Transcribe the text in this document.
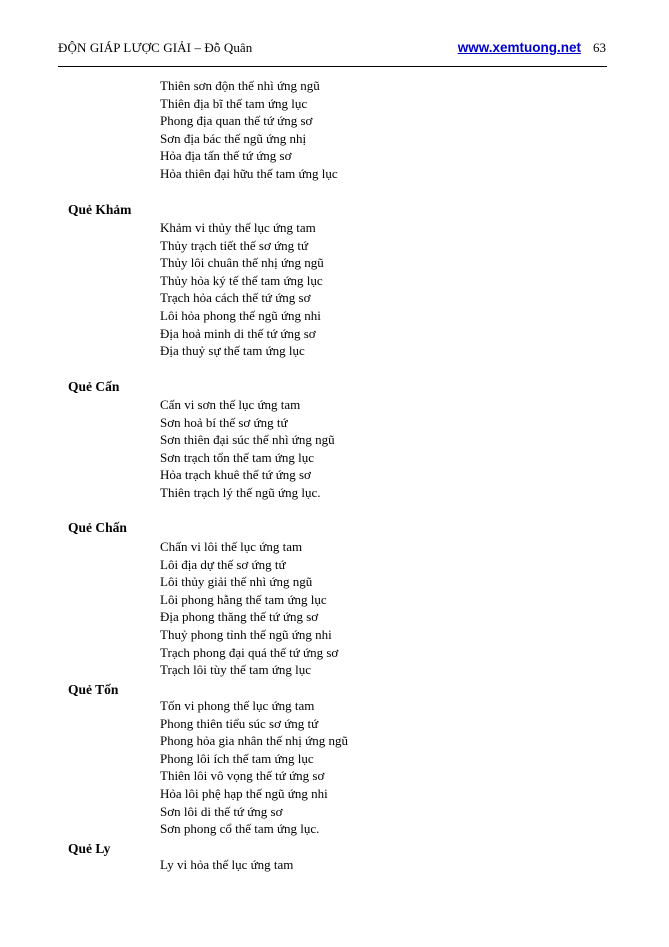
ĐỘN GIÁP LƯỢC GIẢI – Đỗ Quân	www.xemtuong.net 63
Thiên sơn độn thế nhì ứng ngũ
Thiên địa bĩ thế tam ứng lục
Phong địa quan thế tứ ứng sơ
Sơn địa bác thế ngũ ứng nhị
Hỏa địa tấn thế tứ ứng sơ
Hỏa thiên đại hữu thế tam ứng lục
Quẻ Khảm
Khảm vi thủy thế lục ứng tam
Thủy trạch tiết thế sơ ứng tứ
Thủy lôi chuân thế nhị ứng ngũ
Thủy hỏa ký tế thế tam ứng lục
Trạch hỏa cách thế tứ ứng sơ
Lôi hỏa phong thế ngũ ứng nhi
Địa hoả minh di thế tứ ứng sơ
Địa thuỷ sự thế tam ứng lục
Quẻ Cấn
Cấn vi sơn thế lục ứng tam
Sơn hoả bí thế sơ ứng tứ
Sơn thiên đại súc thế nhì ứng ngũ
Sơn trạch tổn thế tam ứng lục
Hỏa trạch khuê thế tứ ứng sơ
Thiên trạch lý thế ngũ ứng lục.
Quẻ Chấn
Chấn vi lôi thế lục ứng tam
Lôi địa dự thế sơ ứng tứ
Lôi thủy giải thế nhì ứng ngũ
Lôi phong hằng thế tam ứng lục
Địa phong thăng thế tứ ứng sơ
Thuỷ phong tỉnh thế ngũ ứng nhi
Trạch phong đại quá thế tứ ứng sơ
Trạch lôi tùy thế tam ứng lục
Quẻ Tốn
Tốn vi phong thế lục ứng tam
Phong thiên tiểu súc sơ ứng tứ
Phong hỏa gia nhân thế nhị ứng ngũ
Phong lôi ích thế tam ứng lục
Thiên lôi vô vọng thế tứ ứng sơ
Hỏa lôi phệ hạp thế ngũ ứng nhi
Sơn lôi di thế tứ ứng sơ
Sơn phong cổ thế tam ứng lục.
Quẻ Ly
Ly vi hỏa thế lục ứng tam
